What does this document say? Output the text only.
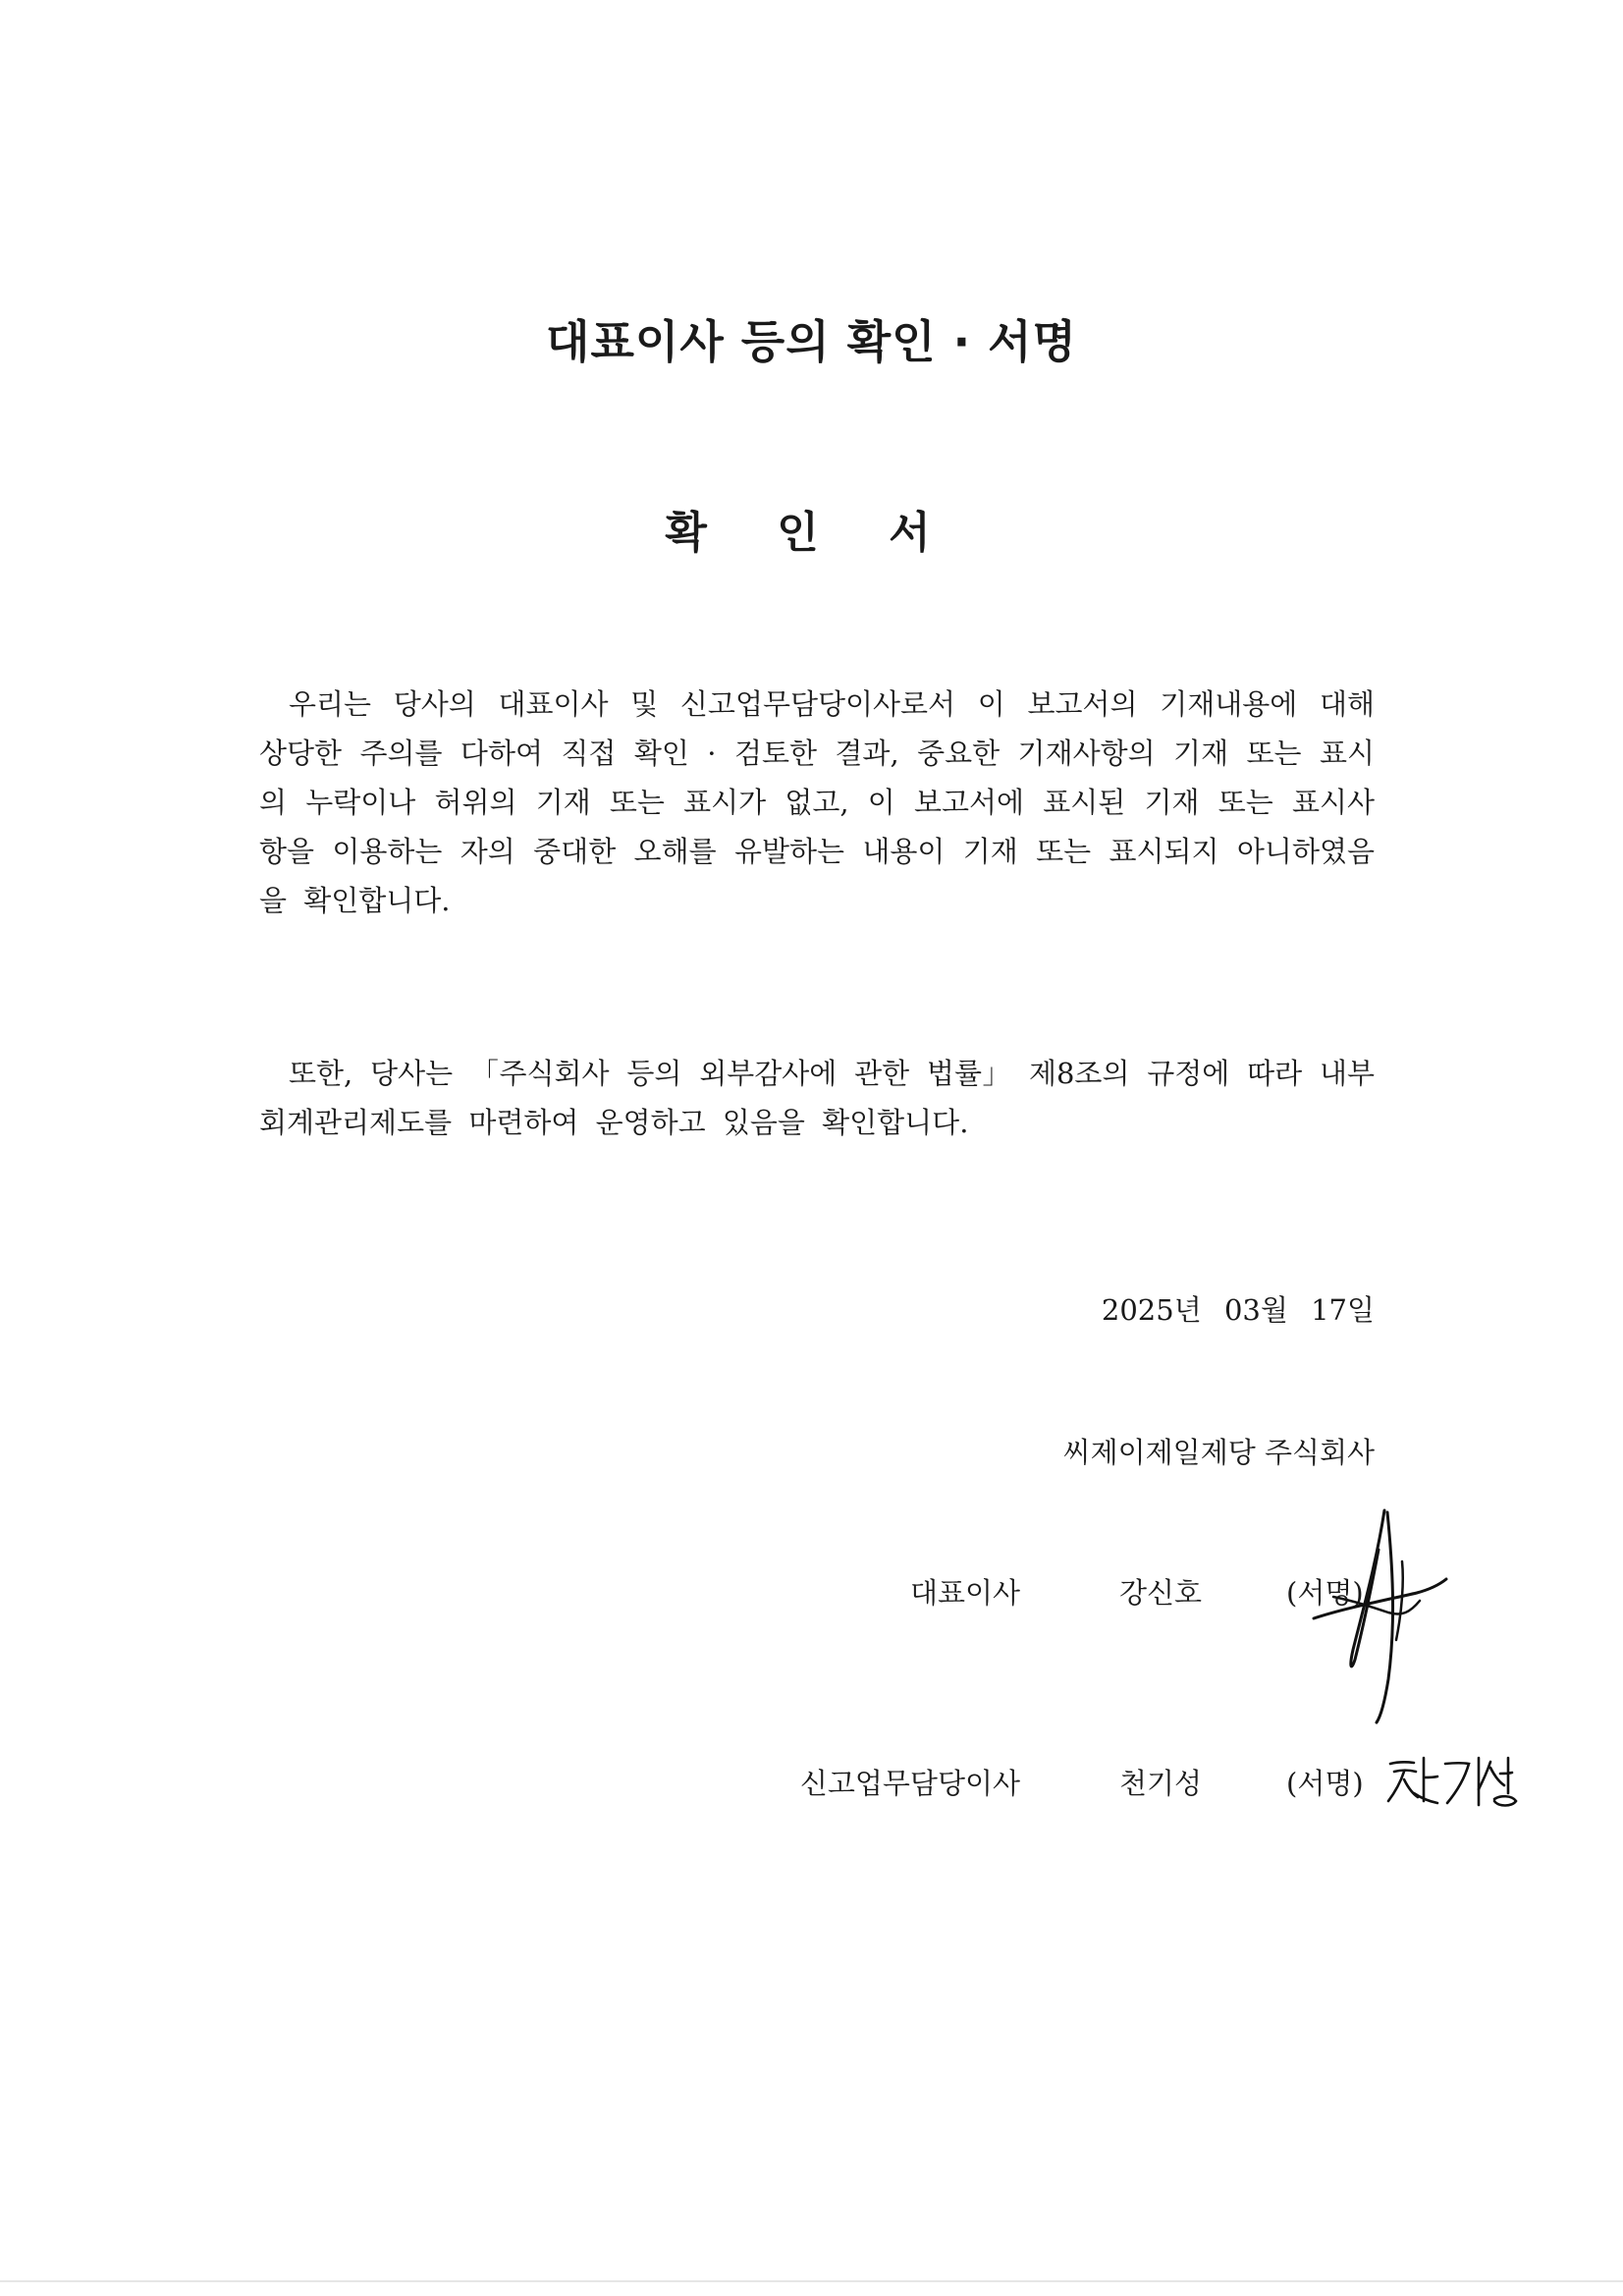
대표이사 등의 확인 · 서명
확 인 서

우리는 당사의 대표이사 및 신고업무담당이사로서 이 보고서의 기재내용에 대해 상당한 주의를 다하여 직접 확인 · 검토한 결과, 중요한 기재사항의 기재 또는 표시의 누락이나 허위의 기재 또는 표시가 없고, 이 보고서에 표시된 기재 또는 표시사항을 이용하는 자의 중대한 오해를 유발하는 내용이 기재 또는 표시되지 아니하였음을 확인합니다.

또한, 당사는 「주식회사 등의 외부감사에 관한 법률」 제8조의 규정에 따라 내부회계관리제도를 마련하여 운영하고 있음을 확인합니다.

2025년 03월 17일

씨제이제일제당 주식회사

대표이사	강신호	(서명)
신고업무담당이사	천기성	(서명)
